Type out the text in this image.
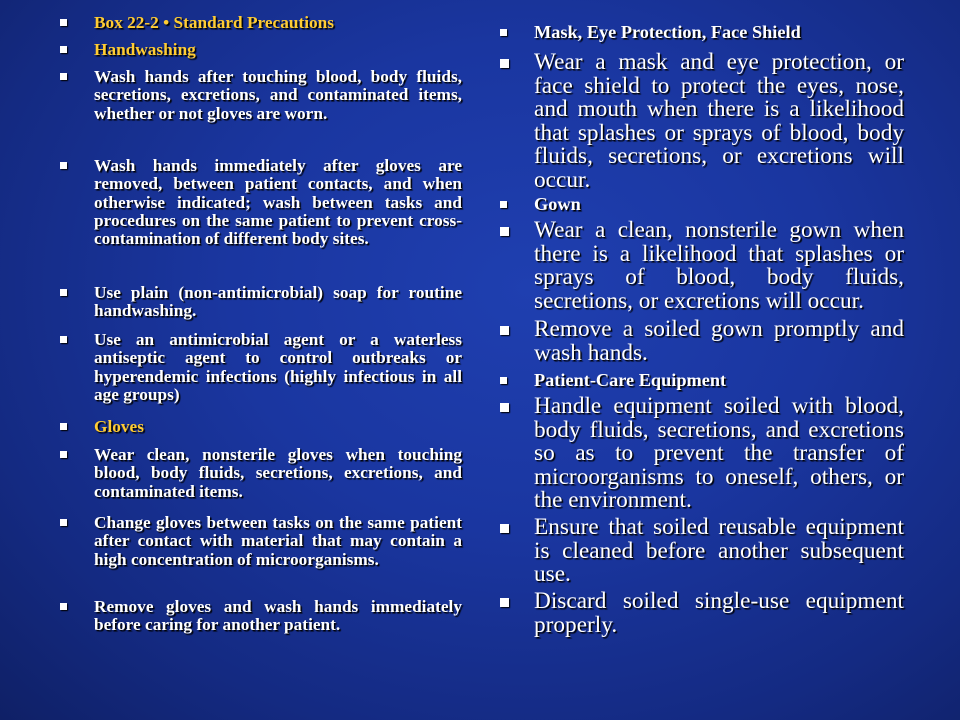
Box 22-2 • Standard Precautions
Handwashing
Wash hands after touching blood, body fluids, secretions, excretions, and contaminated items, whether or not gloves are worn.
Wash hands immediately after gloves are removed, between patient contacts, and when otherwise indicated; wash between tasks and procedures on the same patient to prevent cross-contamination of different body sites.
Use plain (non-antimicrobial) soap for routine handwashing.
Use an antimicrobial agent or a waterless antiseptic agent to control outbreaks or hyperendemic infections (highly infectious in all age groups)
Gloves
Wear clean, nonsterile gloves when touching blood, body fluids, secretions, excretions, and contaminated items.
Change gloves between tasks on the same patient after contact with material that may contain a high concentration of microorganisms.
Remove gloves and wash hands immediately before caring for another patient.
Mask, Eye Protection, Face Shield
Wear a mask and eye protection, or face shield to protect the eyes, nose, and mouth when there is a likelihood that splashes or sprays of blood, body fluids, secretions, or excretions will occur.
Gown
Wear a clean, nonsterile gown when there is a likelihood that splashes or sprays of blood, body fluids, secretions, or excretions will occur.
Remove a soiled gown promptly and wash hands.
Patient-Care Equipment
Handle equipment soiled with blood, body fluids, secretions, and excretions so as to prevent the transfer of microorganisms to oneself, others, or the environment.
Ensure that soiled reusable equipment is cleaned before another subsequent use.
Discard soiled single-use equipment properly.
